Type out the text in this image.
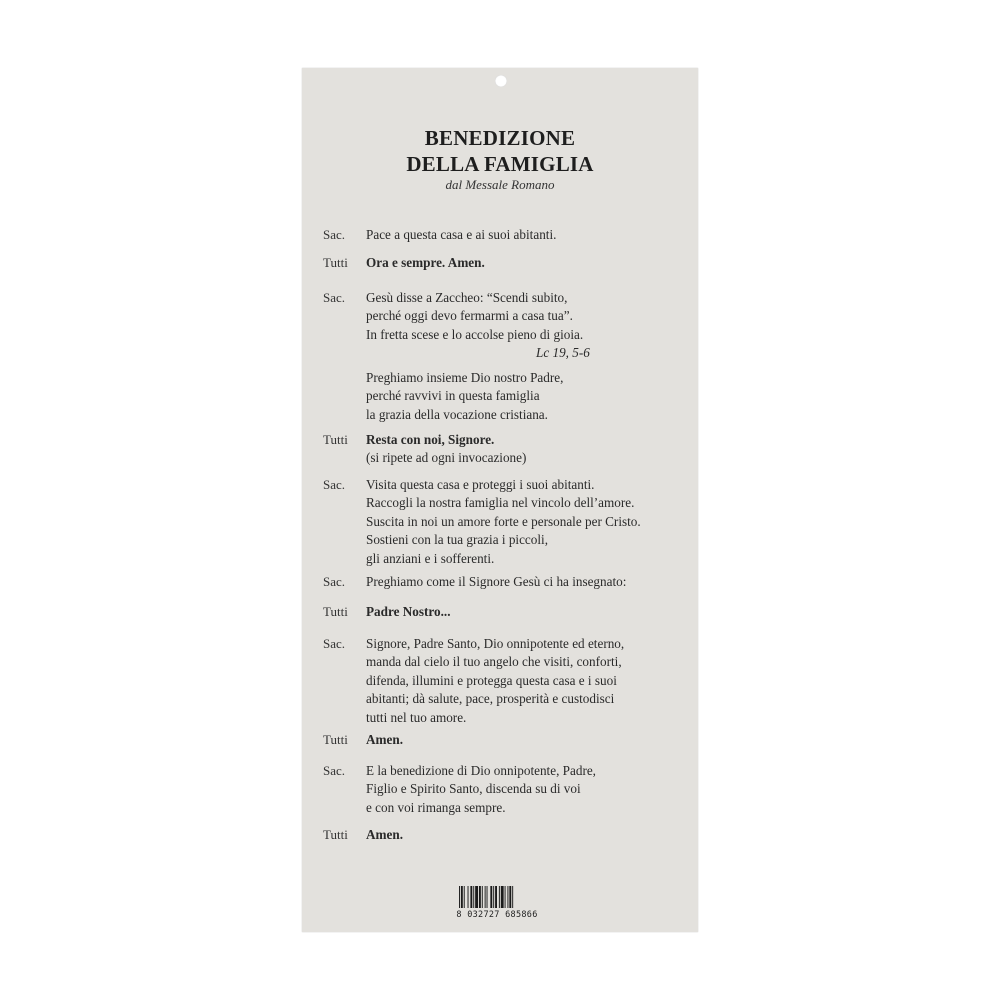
BENEDIZIONE
DELLA FAMIGLIA
dal Messale Romano
Sac. Pace a questa casa e ai suoi abitanti.
Tutti Ora e sempre. Amen.
Sac. Gesù disse a Zaccheo: “Scendi subito,
perché oggi devo fermarmi a casa tua”.
In fretta scese e lo accolse pieno di gioia.
Lc 19, 5-6
Preghiamo insieme Dio nostro Padre,
perché ravvivi in questa famiglia
la grazia della vocazione cristiana.
Tutti Resta con noi, Signore.
(si ripete ad ogni invocazione)
Sac. Visita questa casa e proteggi i suoi abitanti.
Raccogli la nostra famiglia nel vincolo dell’amore.
Suscita in noi un amore forte e personale per Cristo.
Sostieni con la tua grazia i piccoli,
gli anziani e i sofferenti.
Sac. Preghiamo come il Signore Gesù ci ha insegnato:
Tutti Padre Nostro...
Sac. Signore, Padre Santo, Dio onnipotente ed eterno,
manda dal cielo il tuo angelo che visiti, conforti,
difenda, illumini e protegga questa casa e i suoi
abitanti; dà salute, pace, prosperità e custodisci
tutti nel tuo amore.
Tutti Amen.
Sac. E la benedizione di Dio onnipotente, Padre,
Figlio e Spirito Santo, discenda su di voi
e con voi rimanga sempre.
Tutti Amen.
8 032727 685866
